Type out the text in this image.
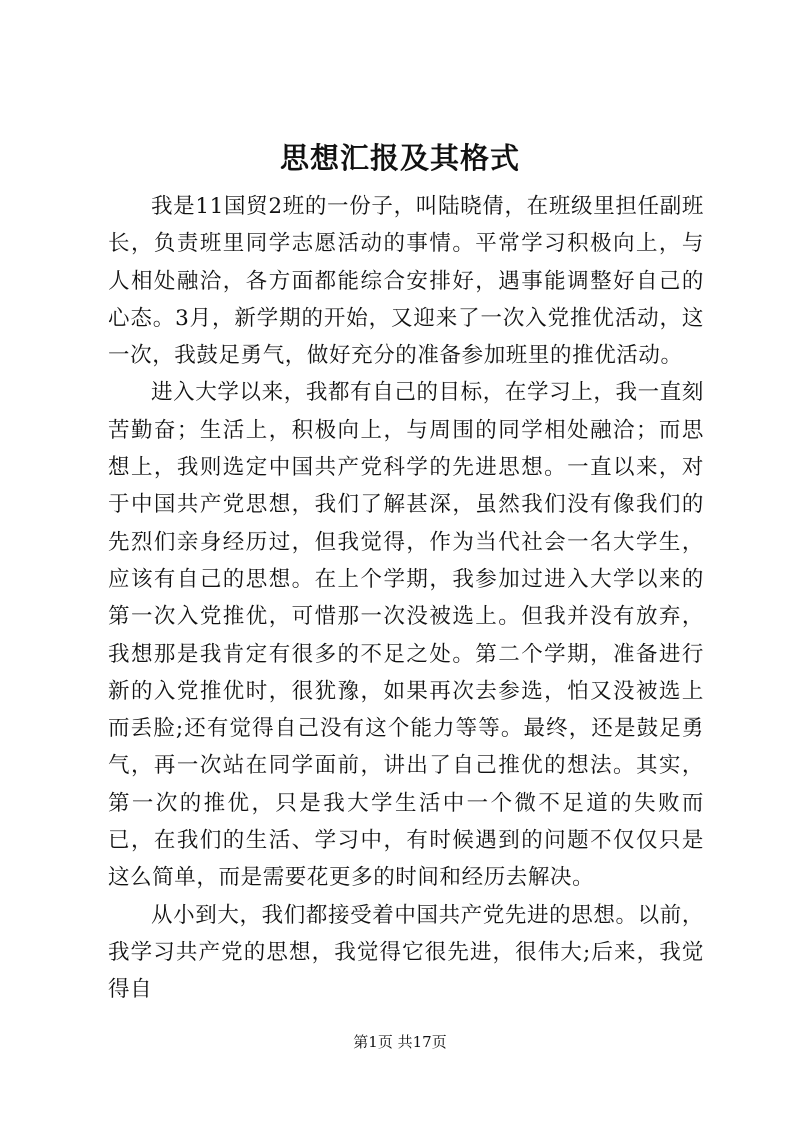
思想汇报及其格式

我是11国贸2班的一份子，叫陆晓倩，在班级里担任副班长，负责班里同学志愿活动的事情。平常学习积极向上，与人相处融洽，各方面都能综合安排好，遇事能调整好自己的心态。3月，新学期的开始，又迎来了一次入党推优活动，这一次，我鼓足勇气，做好充分的准备参加班里的推优活动。

进入大学以来，我都有自己的目标，在学习上，我一直刻苦勤奋；生活上，积极向上，与周围的同学相处融洽；而思想上，我则选定中国共产党科学的先进思想。一直以来，对于中国共产党思想，我们了解甚深，虽然我们没有像我们的先烈们亲身经历过，但我觉得，作为当代社会一名大学生，应该有自己的思想。在上个学期，我参加过进入大学以来的第一次入党推优，可惜那一次没被选上。但我并没有放弃，我想那是我肯定有很多的不足之处。第二个学期，准备进行新的入党推优时，很犹豫，如果再次去参选，怕又没被选上而丢脸;还有觉得自己没有这个能力等等。最终，还是鼓足勇气，再一次站在同学面前，讲出了自己推优的想法。其实，第一次的推优，只是我大学生活中一个微不足道的失败而已，在我们的生活、学习中，有时候遇到的问题不仅仅只是这么简单，而是需要花更多的时间和经历去解决。

从小到大，我们都接受着中国共产党先进的思想。以前，我学习共产党的思想，我觉得它很先进，很伟大;后来，我觉得自

第1页 共17页
